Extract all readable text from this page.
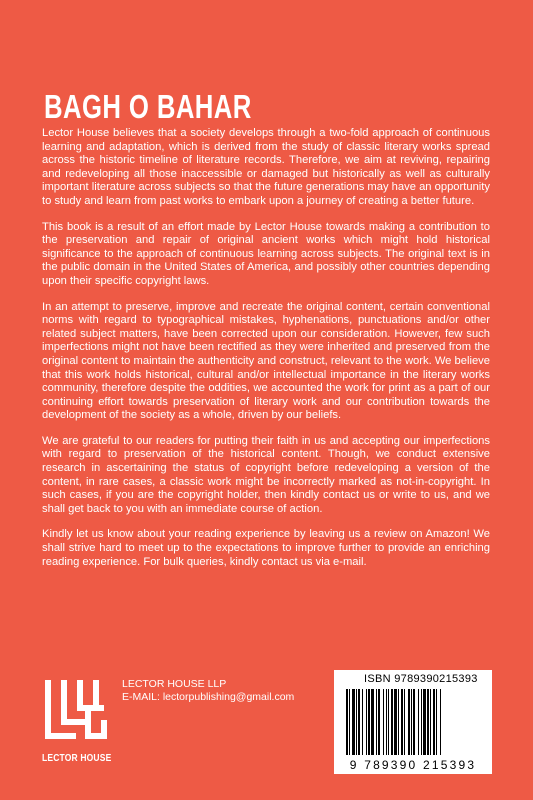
BAGH O BAHAR

Lector House believes that a society develops through a two-fold approach of continuous learning and adaptation, which is derived from the study of classic literary works spread across the historic timeline of literature records. Therefore, we aim at reviving, repairing and redeveloping all those inaccessible or damaged but historically as well as culturally important literature across subjects so that the future generations may have an opportunity to study and learn from past works to embark upon a journey of creating a better future.

This book is a result of an effort made by Lector House towards making a contribution to the preservation and repair of original ancient works which might hold historical significance to the approach of continuous learning across subjects. The original text is in the public domain in the United States of America, and possibly other countries depending upon their specific copyright laws.

In an attempt to preserve, improve and recreate the original content, certain conventional norms with regard to typographical mistakes, hyphenations, punctuations and/or other related subject matters, have been corrected upon our consideration. However, few such imperfections might not have been rectified as they were inherited and preserved from the original content to maintain the authenticity and construct, relevant to the work. We believe that this work holds historical, cultural and/or intellectual importance in the literary works community, therefore despite the oddities, we accounted the work for print as a part of our continuing effort towards preservation of literary work and our contribution towards the development of the society as a whole, driven by our beliefs.

We are grateful to our readers for putting their faith in us and accepting our imperfections with regard to preservation of the historical content. Though, we conduct extensive research in ascertaining the status of copyright before redeveloping a version of the content, in rare cases, a classic work might be incorrectly marked as not-in-copyright. In such cases, if you are the copyright holder, then kindly contact us or write to us, and we shall get back to you with an immediate course of action.

Kindly let us know about your reading experience by leaving us a review on Amazon! We shall strive hard to meet up to the expectations to improve further to provide an enriching reading experience. For bulk queries, kindly contact us via e-mail.

LECTOR HOUSE
LECTOR HOUSE LLP
E-MAIL: lectorpublishing@gmail.com
ISBN 9789390215393
9 789390 215393
